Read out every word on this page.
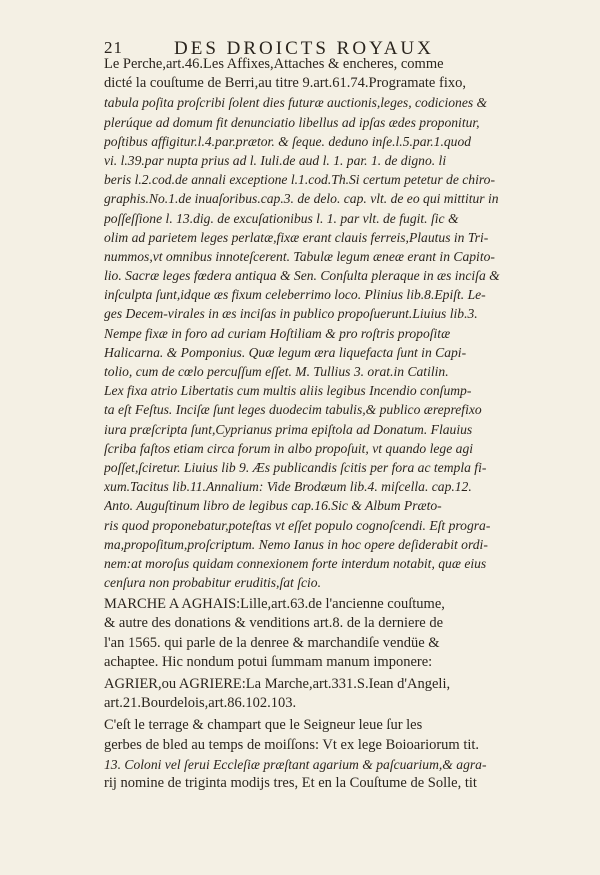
21	DES DROICTS ROYAUX
Le Perche,art.46.Les Affixes,Attaches & encheres, comme
dicté la couſtume de Berri,au titre 9.art.61.74.Programate fixo,
tabula poſita proſcribi ſolent dies futuræ auctionis,leges, codiciones &
plerúque ad domum fit denunciatio libellus ad ipſas ædes proponitur,
poſtibus affigitur.l.4.par.prætor. & ſeque. deduno inſe.l.5.par.1.quod
vi. l.39.par nupta prius ad l. Iuli.de aud l. 1. par. 1. de digno. li
beris l.2.cod.de annali exceptione l.1.cod.Th.Si certum petetur de chiro-
graphis.No.1.de inuaſoribus.cap.3. de delo. cap. vlt. de eo qui mittitur in
poſſeſſione l. 13.dig. de excuſationibus l. 1. par vlt. de fugit. ſic &
olim ad parietem leges perlatæ,fixæ erant clauis ferreis,Plautus in Tri-
nummos,vt omnibus innoteſcerent. Tabulæ legum æneæ erant in Capito-
lio. Sacræ leges fœdera antiqua & Sen. Conſulta pleraque in æs inciſa &
inſculpta ſunt,idque æs fixum celeberrimo loco. Plinius lib.8.Epiſt. Le-
ges Decem-virales in æs inciſas in publico propoſuerunt.Liuius lib.3.
Nempe fixæ in foro ad curiam Hoſtiliam & pro roſtris propoſitæ
Halicarna. & Pomponius. Quæ legum æra liquefacta ſunt in Capi-
tolio, cum de cœlo percuſſum eſſet. M. Tullius 3. orat.in Catilin.
Lex fixa atrio Libertatis cum multis aliis legibus Incendio conſump-
ta eſt Feſtus. Inciſæ ſunt leges duodecim tabulis,& publico æreprefixo
iura præſcripta ſunt,Cyprianus prima epiſtola ad Donatum. Flauius
ſcriba faſtos etiam circa forum in albo propoſuit, vt quando lege agi
poſſet,ſciretur. Liuius lib 9. Æs publicandis ſcitis per fora ac templa fi-
xum.Tacitus lib.11.Annalium: Vide Brodæum lib.4. miſcella. cap.12.
Anto. Auguſtinum libro de legibus cap.16.Sic & Album Præto-
ris quod proponebatur,poteſtas vt eſſet populo cognoſcendi. Eſt progra-
ma,propoſitum,proſcriptum. Nemo Ianus in hoc opere deſiderabit ordi-
nem:at moroſus quidam connexionem forte interdum notabit, quæ eius
cenſura non probabitur eruditis,ſat ſcio.
MARCHE A AGHAIS:Lille,art.63.de l'ancienne couſtume,
& autre des donations & venditions art.8. de la derniere de
l'an 1565. qui parle de la denree & marchandiſe vendüe &
achaptee. Hic nondum potui ſummam manum imponere:
AGRIER,ou AGRIERE:La Marche,art.331.S.Iean d'Angeli,
art.21.Bourdelois,art.86.102.103.
C'eſt le terrage & champart que le Seigneur leue ſur les
gerbes de bled au temps de moiſſons: Vt ex lege Boioariorum tit.
13. Coloni vel ſerui Eccleſiæ præſtant agarium & paſcuarium,& agra-
rij nomine de triginta modijs tres, Et en la Couſtume de Solle, tit
